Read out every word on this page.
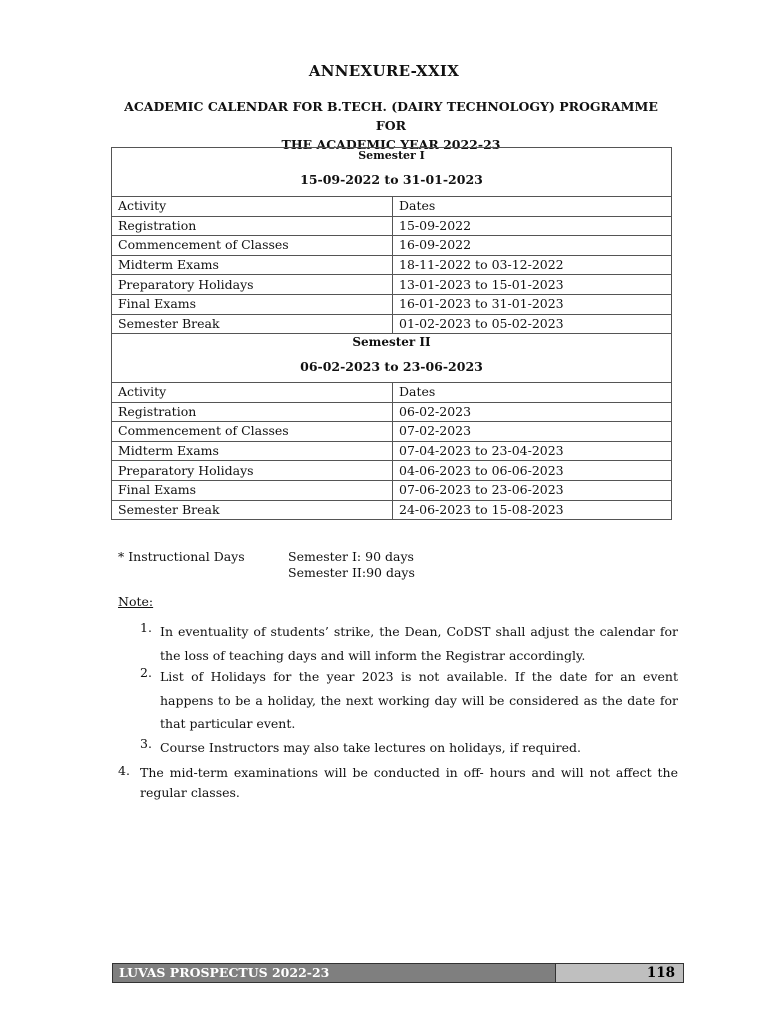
ANNEXURE-XXIX
ACADEMIC CALENDAR FOR B.TECH. (DAIRY TECHNOLOGY) PROGRAMME FOR
THE ACADEMIC YEAR 2022-23
Semester I
15-09-2022 to 31-01-2023
Activity	Dates
Registration	15-09-2022
Commencement of Classes	16-09-2022
Midterm Exams	18-11-2022 to 03-12-2022
Preparatory Holidays	13-01-2023 to 15-01-2023
Final Exams	16-01-2023 to 31-01-2023
Semester Break	01-02-2023 to 05-02-2023
Semester II
06-02-2023 to 23-06-2023
Activity	Dates
Registration	06-02-2023
Commencement of Classes	07-02-2023
Midterm Exams	07-04-2023 to 23-04-2023
Preparatory Holidays	04-06-2023 to 06-06-2023
Final Exams	07-06-2023 to 23-06-2023
Semester Break	24-06-2023 to 15-08-2023
* Instructional Days	Semester I: 90 days
Semester II:90 days
Note:
1. In eventuality of students’ strike, the Dean, CoDST shall adjust the calendar for the loss of teaching days and will inform the Registrar accordingly.
2. List of Holidays for the year 2023 is not available. If the date for an event happens to be a holiday, the next working day will be considered as the date for that particular event.
3. Course Instructors may also take lectures on holidays, if required.
4. The mid-term examinations will be conducted in off- hours and will not affect the regular classes.
LUVAS PROSPECTUS 2022-23	118
